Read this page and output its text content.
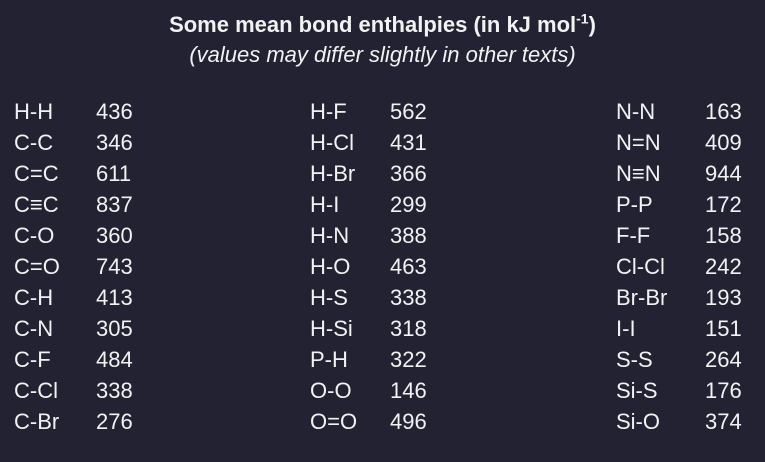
Some mean bond enthalpies (in kJ mol$^{-1}$)
(values may differ slightly in other texts)
H-H 436
C-C 346
C=C 611
C≡C 837
C-O 360
C=O 743
C-H 413
C-N 305
C-F 484
C-Cl 338
C-Br 276
H-F 562
H-Cl 431
H-Br 366
H-I 299
H-N 388
H-O 463
H-S 338
H-Si 318
P-H 322
O-O 146
O=O 496
N-N 163
N=N 409
N≡N 944
P-P 172
F-F 158
Cl-Cl 242
Br-Br 193
I-I	151
S-S 264
Si-S 176
Si-O 374
